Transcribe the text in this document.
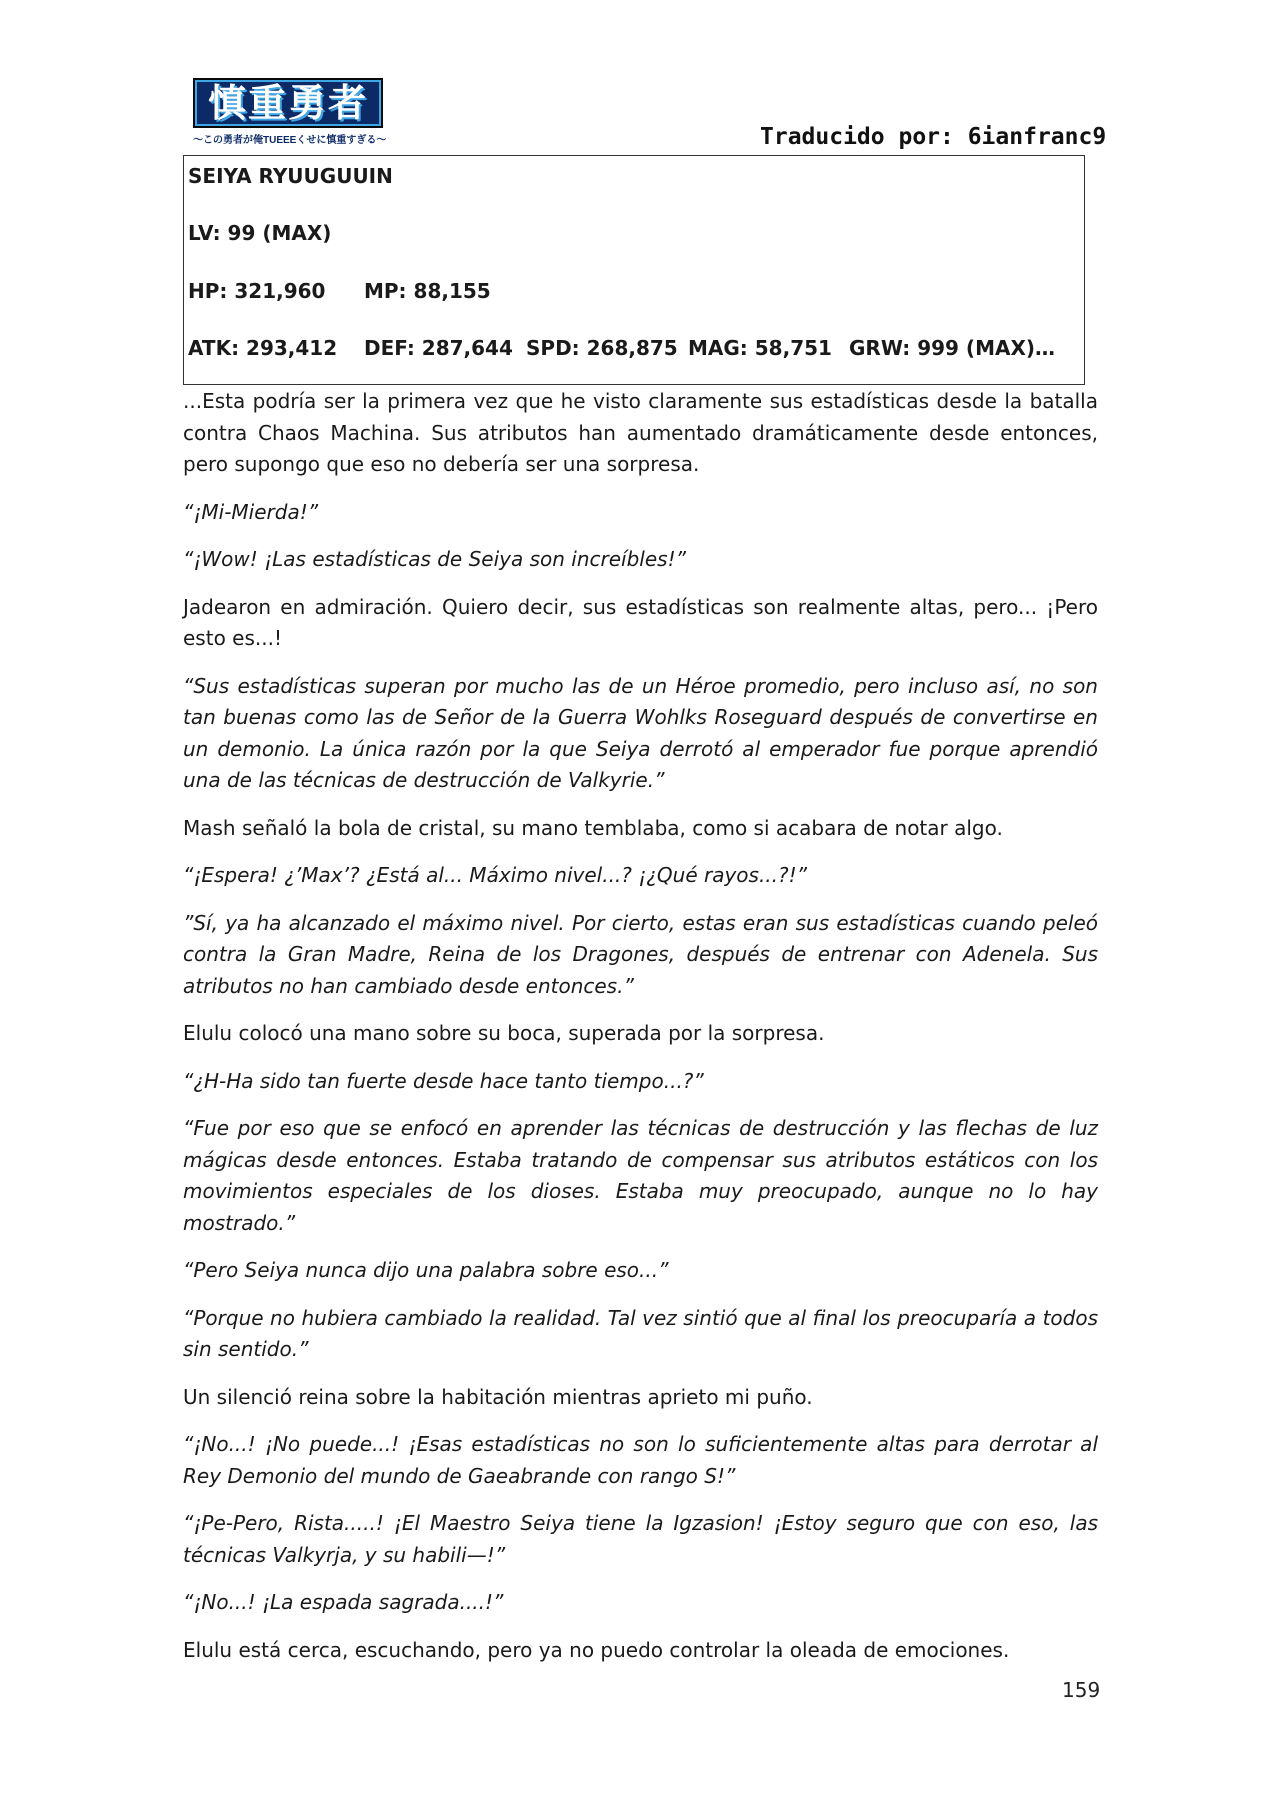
慎重勇者
〜この勇者が俺TUEEEくせに慎重すぎる〜	Traducido por: 6ianfranc9
SEIYA RYUUGUUIN
LV: 99 (MAX)
HP: 321,960 MP: 88,155
ATK: 293,412 DEF: 287,644 SPD: 268,875 MAG: 58,751 GRW: 999 (MAX)…

...Esta podría ser la primera vez que he visto claramente sus estadísticas desde la batalla contra Chaos Machina. Sus atributos han aumentado dramáticamente desde entonces, pero supongo que eso no debería ser una sorpresa.

“¡Mi-Mierda!”

“¡Wow! ¡Las estadísticas de Seiya son increíbles!”

Jadearon en admiración. Quiero decir, sus estadísticas son realmente altas, pero... ¡Pero esto es...!

“Sus estadísticas superan por mucho las de un Héroe promedio, pero incluso así, no son tan buenas como las de Señor de la Guerra Wohlks Roseguard después de convertirse en un demonio. La única razón por la que Seiya derrotó al emperador fue porque aprendió una de las técnicas de destrucción de Valkyrie.”

Mash señaló la bola de cristal, su mano temblaba, como si acabara de notar algo.

“¡Espera! ¿’Max’? ¿Está al... Máximo nivel...? ¡¿Qué rayos...?!”

”Sí, ya ha alcanzado el máximo nivel. Por cierto, estas eran sus estadísticas cuando peleó contra la Gran Madre, Reina de los Dragones, después de entrenar con Adenela. Sus atributos no han cambiado desde entonces.”

Elulu colocó una mano sobre su boca, superada por la sorpresa.

“¿H-Ha sido tan fuerte desde hace tanto tiempo...?”

“Fue por eso que se enfocó en aprender las técnicas de destrucción y las flechas de luz mágicas desde entonces. Estaba tratando de compensar sus atributos estáticos con los movimientos especiales de los dioses. Estaba muy preocupado, aunque no lo hay mostrado.”

“Pero Seiya nunca dijo una palabra sobre eso...”

“Porque no hubiera cambiado la realidad. Tal vez sintió que al final los preocuparía a todos sin sentido.”

Un silenció reina sobre la habitación mientras aprieto mi puño.

“¡No...! ¡No puede...! ¡Esas estadísticas no son lo suficientemente altas para derrotar al Rey Demonio del mundo de Gaeabrande con rango S!”

“¡Pe-Pero, Rista.....! ¡El Maestro Seiya tiene la Igzasion! ¡Estoy seguro que con eso, las técnicas Valkyrja, y su habili—!”

“¡No...! ¡La espada sagrada....!”

Elulu está cerca, escuchando, pero ya no puedo controlar la oleada de emociones.

159
